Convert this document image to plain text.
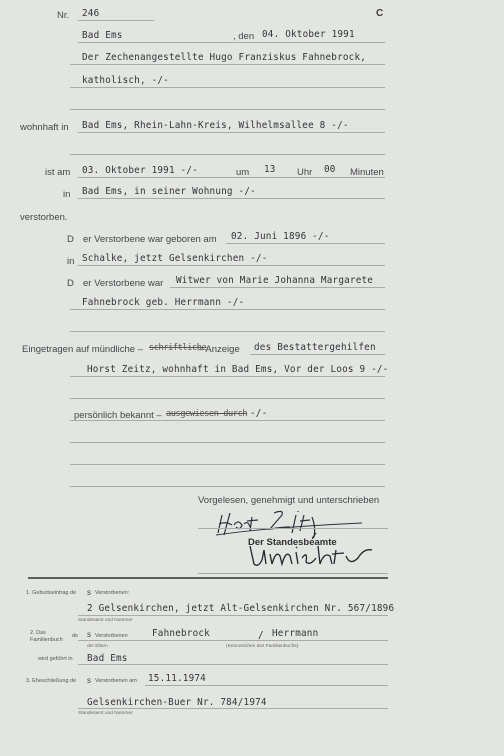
Nr. 246	C
Bad Ems	, den 04. Oktober 1991
Der Zechenangestellte Hugo Franziskus Fahnebrock,
katholisch, -/-
wohnhaft in Bad Ems, Rhein-Lahn-Kreis, Wilhelmsallee 8 -/-
ist am 03. Oktober 1991 -/-	um 13 Uhr 00 Minuten
in Bad Ems, in seiner Wohnung -/-
verstorben.
D er Verstorbene war geboren am 02. Juni 1896 -/-
in Schalke, jetzt Gelsenkirchen -/-
D er Verstorbene war Witwer von Marie Johanna Margarete
Fahnebrock geb. Herrmann -/-
Eingetragen auf mündliche – schriftliche
– Anzeige des Bestattergehilfen
Horst Zeitz, wohnhaft in Bad Ems, Vor der Loos 9 -/-
persönlich bekannt – ausgewiesen durch -/-
Vorgelesen, genehmigt und unterschrieben
Der Standesbeamte
1. Geburtseintrag de s Verstorbenen:
2 Gelsenkirchen, jetzt Alt-Gelsenkirchen Nr. 567/1896
Standesamt und Nummer
2. Das
Familienbuch
de s Verstorbenen	Fahnebrock	/ Herrmann
der Eltern	(Kennzeichen des Familienbuchs)
wird geführt in Bad Ems
3. Eheschließung de s Verstorbenen am 15.11.1974
Gelsenkirchen-Buer Nr. 784/1974
Standesamt und Nummer
